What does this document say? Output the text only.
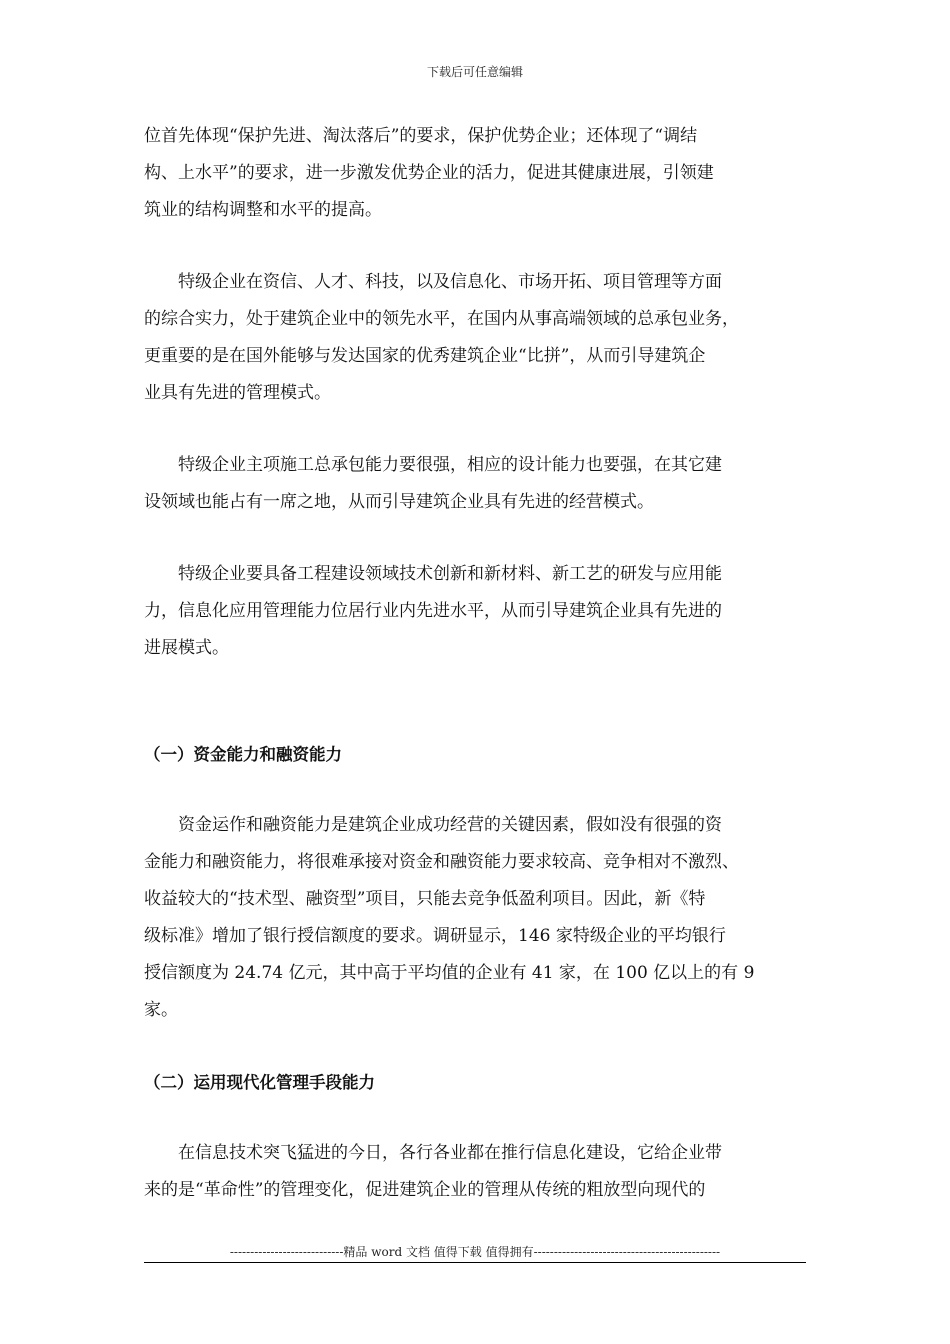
下载后可任意编辑

位首先体现“保护先进、淘汰落后”的要求，保护优势企业；还体现了“调结
构、上水平”的要求，进一步激发优势企业的活力，促进其健康进展，引领建
筑业的结构调整和水平的提高。

特级企业在资信、人才、科技，以及信息化、市场开拓、项目管理等方面
的综合实力，处于建筑企业中的领先水平，在国内从事高端领域的总承包业务，
更重要的是在国外能够与发达国家的优秀建筑企业“比拼”，从而引导建筑企
业具有先进的管理模式。

特级企业主项施工总承包能力要很强，相应的设计能力也要强，在其它建
设领域也能占有一席之地，从而引导建筑企业具有先进的经营模式。

特级企业要具备工程建设领域技术创新和新材料、新工艺的研发与应用能
力，信息化应用管理能力位居行业内先进水平，从而引导建筑企业具有先进的
进展模式。

（一）资金能力和融资能力

资金运作和融资能力是建筑企业成功经营的关键因素，假如没有很强的资
金能力和融资能力，将很难承接对资金和融资能力要求较高、竞争相对不激烈、
收益较大的“技术型、融资型”项目，只能去竞争低盈利项目。因此，新《特
级标准》增加了银行授信额度的要求。调研显示，146 家特级企业的平均银行
授信额度为 24.74 亿元，其中高于平均值的企业有 41 家，在 100 亿以上的有 9
家。

（二）运用现代化管理手段能力

在信息技术突飞猛进的今日，各行各业都在推行信息化建设，它给企业带
来的是“革命性”的管理变化，促进建筑企业的管理从传统的粗放型向现代的

----------------------------精品 word 文档 值得下载 值得拥有----------------------------------------------
